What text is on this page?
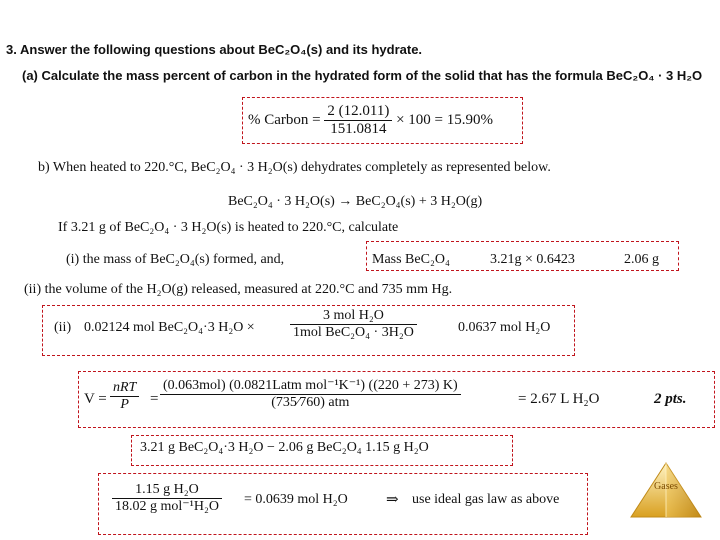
3. Answer the following questions about BeC₂O₄(s) and its hydrate.
(a) Calculate the mass percent of carbon in the hydrated form of the solid that has the formula BeC₂O₄ · 3 H₂O
% Carbon = $\frac{2 (12.011)}{151.0814} \times 100 = 15.90\%$
b) When heated to 220.°C, BeC₂O₄ · 3 H₂O(s) dehydrates completely as represented below.
BeC₂O₄ · 3 H₂O(s) → BeC₂O₄(s) + 3 H₂O(g)
If 3.21 g of BeC₂O₄ · 3 H₂O(s) is heated to 220.°C, calculate
(i) the mass of BeC₂O₄(s) formed, and,	Mass BeC₂O₄	3.21g × 0.6423	2.06 g
(ii) the volume of the H₂O(g) released, measured at 220.°C and 735 mm Hg.
(ii) 0.02124 mol BeC₂O₄·3 H₂O ×	$\frac{\text{3 mol H₂O}}{\text{1mol BeC₂O₄ · 3H₂O}}$	0.0637 mol H₂O
$V = \frac{\text{nRT}}{P} = \frac{\text{(0.063mol) (0.0821Latm mol⁻¹K⁻¹) ((220 + 273) K)}}{\text{(735⁄760) atm}}$	= 2.67 L H₂O	2 pts.
3.21 g BeC₂O₄·3 H₂O − 2.06 g BeC₂O₄ 1.15 g H₂O
$\frac{\text{1.15 g H₂O}}{\text{18.02 g mol⁻¹H₂O}} = 0.0639$ mol H₂O	⇒ use ideal gas law as above
Gases
